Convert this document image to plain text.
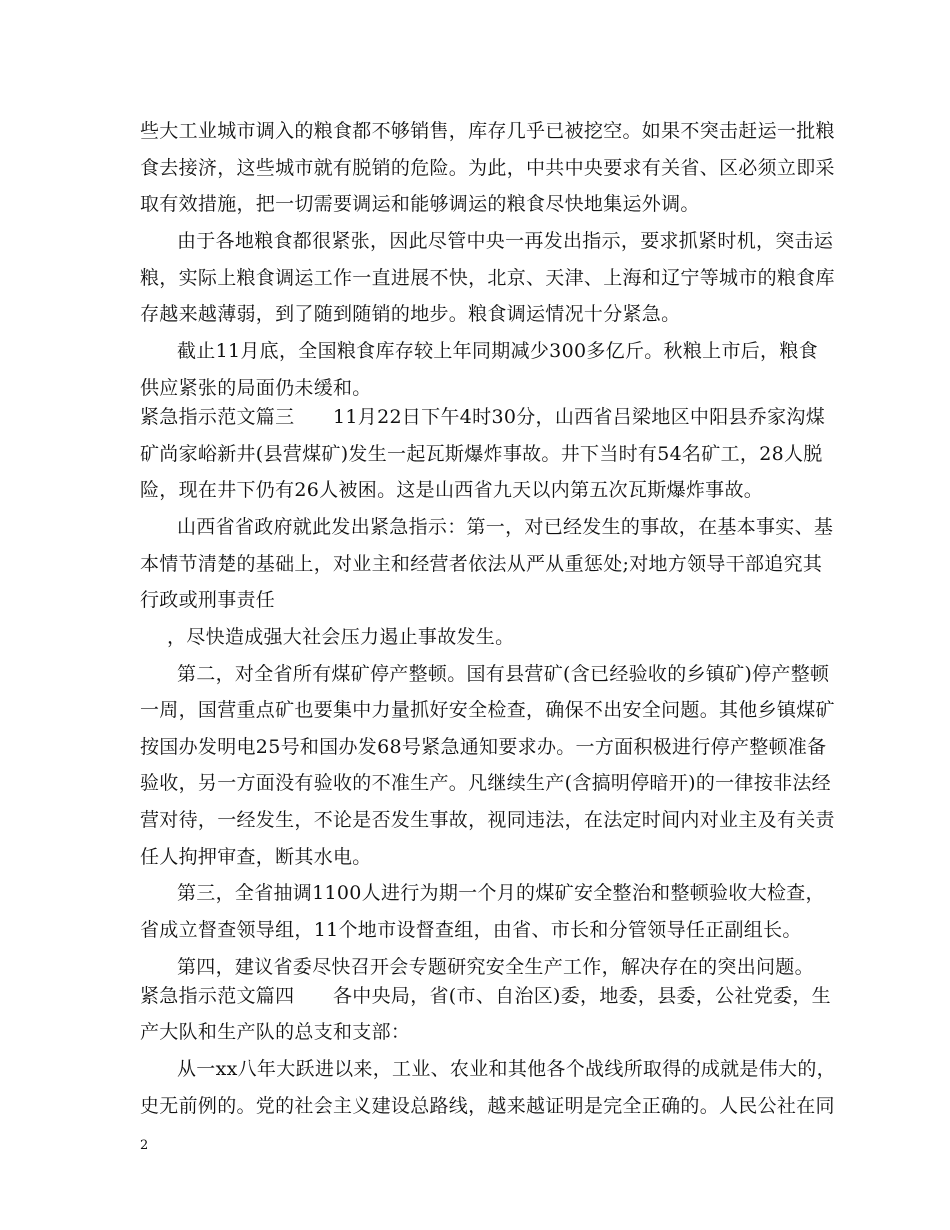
些大工业城市调入的粮食都不够销售，库存几乎已被挖空。如果不突击赶运一批粮
食去接济，这些城市就有脱销的危险。为此，中共中央要求有关省、区必须立即采
取有效措施，把一切需要调运和能够调运的粮食尽快地集运外调。
由于各地粮食都很紧张，因此尽管中央一再发出指示，要求抓紧时机，突击运
粮，实际上粮食调运工作一直进展不快，北京、天津、上海和辽宁等城市的粮食库
存越来越薄弱，到了随到随销的地步。粮食调运情况十分紧急。
截止11月底，全国粮食库存较上年同期减少300多亿斤。秋粮上市后，粮食
供应紧张的局面仍未缓和。
紧急指示范文篇三　　11月22日下午4时30分，山西省吕梁地区中阳县乔家沟煤
矿尚家峪新井(县营煤矿)发生一起瓦斯爆炸事故。井下当时有54名矿工，28人脱
险，现在井下仍有26人被困。这是山西省九天以内第五次瓦斯爆炸事故。
山西省省政府就此发出紧急指示：第一，对已经发生的事故，在基本事实、基
本情节清楚的基础上，对业主和经营者依法从严从重惩处;对地方领导干部追究其
行政或刑事责任
，尽快造成强大社会压力遏止事故发生。
第二，对全省所有煤矿停产整顿。国有县营矿(含已经验收的乡镇矿)停产整顿
一周，国营重点矿也要集中力量抓好安全检查，确保不出安全问题。其他乡镇煤矿
按国办发明电25号和国办发68号紧急通知要求办。一方面积极进行停产整顿准备
验收，另一方面没有验收的不准生产。凡继续生产(含搞明停暗开)的一律按非法经
营对待，一经发生，不论是否发生事故，视同违法，在法定时间内对业主及有关责
任人拘押审查，断其水电。
第三，全省抽调1100人进行为期一个月的煤矿安全整治和整顿验收大检查，
省成立督查领导组，11个地市设督查组，由省、市长和分管领导任正副组长。
第四，建议省委尽快召开会专题研究安全生产工作，解决存在的突出问题。
紧急指示范文篇四　　各中央局，省(市、自治区)委，地委，县委，公社党委，生
产大队和生产队的总支和支部：
从一xx八年大跃进以来，工业、农业和其他各个战线所取得的成就是伟大的，
史无前例的。党的社会主义建设总路线，越来越证明是完全正确的。人民公社在同
2
